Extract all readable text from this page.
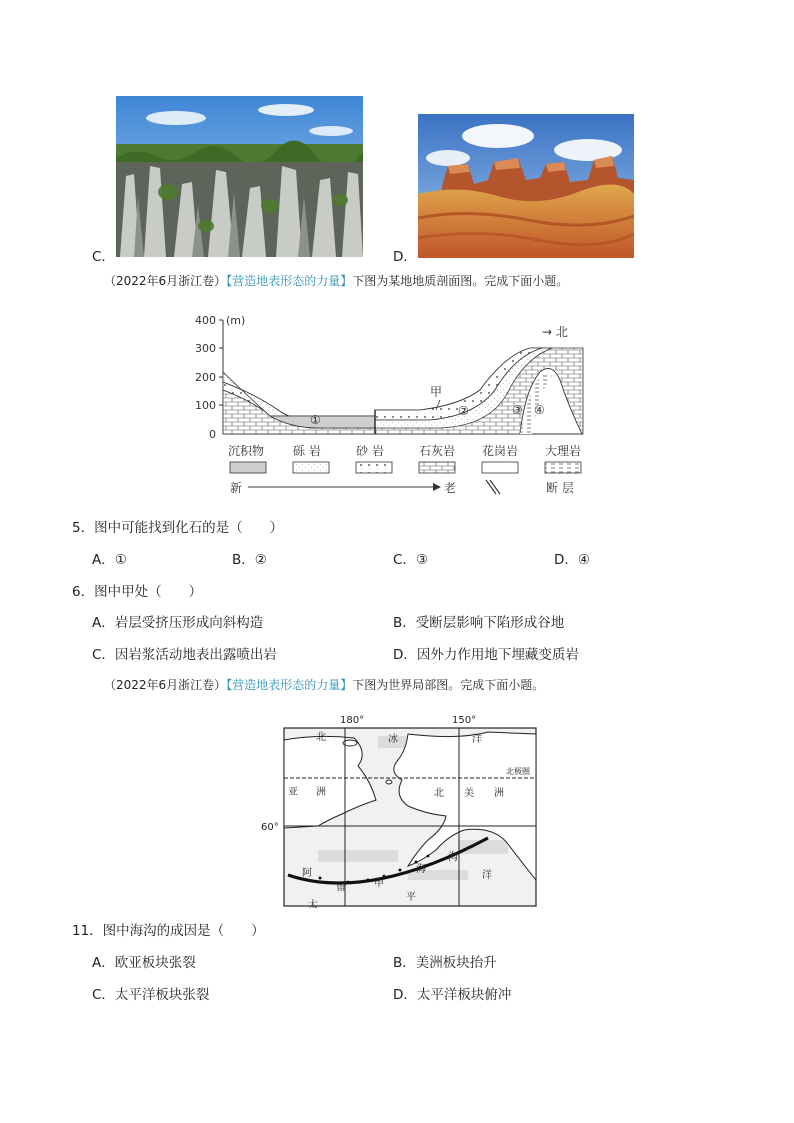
C．	D．
（2022年6月浙江卷）【营造地表形态的力量】下图为某地地质剖面图。完成下面小题。
400
300
200
100
0
(m)
→ 北
①
②	③ ④
甲
沉积物 砾 岩	砂 岩	石灰岩 花岗岩 大理岩
新	老	断 层
5．图中可能找到化石的是（　　）
A．①	B．②	C．③	D．④
6．图中甲处（　　）
A．岩层受挤压形成向斜构造	B．受断层影响下陷形成谷地
C．因岩浆活动地表出露喷出岩	D．因外力作用地下埋藏变质岩
（2022年6月浙江卷）【营造地表形态的力量】下图为世界局部图。完成下面小题。
180°	150°
60°
北	冰	洋
北极圈
亚 洲	北 美 洲
阿
留	申
海
沟
太
平
洋
11．图中海沟的成因是（　　）
A．欧亚板块张裂	B．美洲板块抬升
C．太平洋板块张裂	D．太平洋板块俯冲
